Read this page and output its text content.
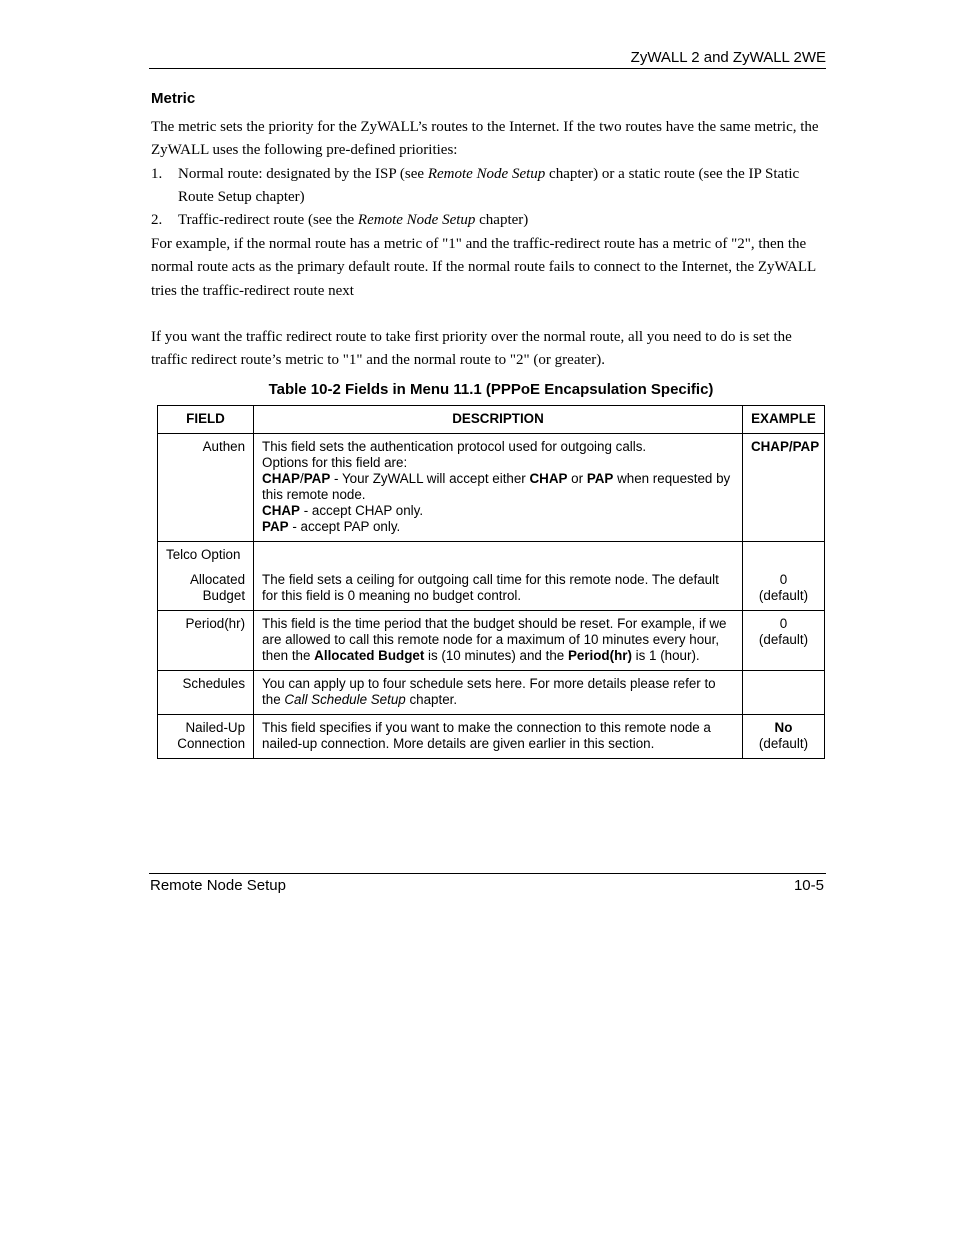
ZyWALL 2 and ZyWALL 2WE
Metric
The metric sets the priority for the ZyWALL’s routes to the Internet. If the two routes have the same metric, the ZyWALL uses the following pre-defined priorities:
1. Normal route: designated by the ISP (see Remote Node Setup chapter) or a static route (see the IP Static Route Setup chapter)
2. Traffic-redirect route (see the Remote Node Setup chapter)
For example, if the normal route has a metric of "1" and the traffic-redirect route has a metric of "2", then the normal route acts as the primary default route. If the normal route fails to connect to the Internet, the ZyWALL tries the traffic-redirect route next
If you want the traffic redirect route to take first priority over the normal route, all you need to do is set the traffic redirect route’s metric to "1" and the normal route to "2" (or greater).
Table 10-2 Fields in Menu 11.1 (PPPoE Encapsulation Specific)
FIELD	DESCRIPTION	EXAMPLE
Authen	This field sets the authentication protocol used for outgoing calls.
Options for this field are:
CHAP/PAP - Your ZyWALL will accept either CHAP or PAP when requested by this remote node.
CHAP - accept CHAP only.
PAP - accept PAP only.	CHAP/PAP

Telco Option
Allocated
Budget	The field sets a ceiling for outgoing call time for this remote node. The default for this field is 0 meaning no budget control.	0
(default)
Period(hr)	This field is the time period that the budget should be reset. For example, if we are allowed to call this remote node for a maximum of 10 minutes every hour, then the Allocated Budget is (10 minutes) and the Period(hr) is 1 (hour).	0
(default)
Schedules	You can apply up to four schedule sets here. For more details please refer to the Call Schedule Setup chapter.	
Nailed-Up
Connection	This field specifies if you want to make the connection to this remote node a nailed-up connection. More details are given earlier in this section.	No
(default)
Remote Node Setup	10-5
